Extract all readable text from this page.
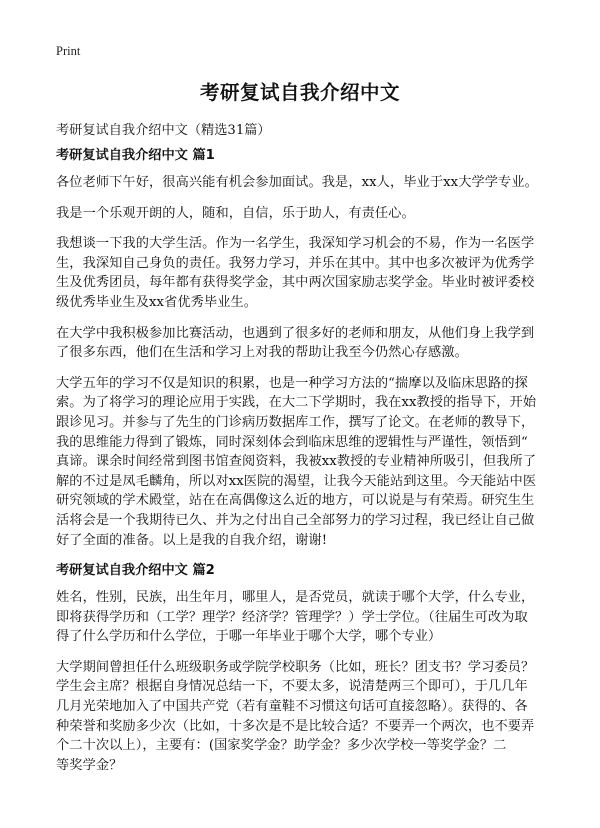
Print
考研复试自我介绍中文
考研复试自我介绍中文（精选31篇）
考研复试自我介绍中文 篇1
各位老师下午好，很高兴能有机会参加面试。我是，xx人，毕业于xx大学学专业。
我是一个乐观开朗的人，随和，自信，乐于助人，有责任心。
我想谈一下我的大学生活。作为一名学生，我深知学习机会的不易，作为一名医学
生，我深知自己身负的责任。我努力学习，并乐在其中。其中也多次被评为优秀学
生及优秀团员，每年都有获得奖学金，其中两次国家励志奖学金。毕业时被评委校
级优秀毕业生及xx省优秀毕业生。
在大学中我积极参加比赛活动，也遇到了很多好的老师和朋友，从他们身上我学到
了很多东西，他们在生活和学习上对我的帮助让我至今仍然心存感激。
大学五年的学习不仅是知识的积累，也是一种学习方法的“揣摩以及临床思路的探
索。为了将学习的理论应用于实践，在大二下学期时，我在xx教授的指导下，开始
跟诊见习。并参与了先生的门诊病历数据库工作，撰写了论文。在老师的教导下，
我的思维能力得到了锻炼，同时深刻体会到临床思维的逻辑性与严谨性，领悟到“
真谛。课余时间经常到图书馆查阅资料，我被xx教授的专业精神所吸引，但我所了
解的不过是凤毛麟角，所以对xx医院的渴望，让我今天能站到这里。今天能站中医
研究领域的学术殿堂，站在在高偶像这么近的地方，可以说是与有荣焉。研究生生
活将会是一个我期待已久、并为之付出自己全部努力的学习过程，我已经让自己做
好了全面的准备。以上是我的自我介绍，谢谢!
考研复试自我介绍中文 篇2
姓名，性别，民族，出生年月，哪里人，是否党员，就读于哪个大学，什么专业，
即将获得学历和（工学？理学？经济学？管理学？）学士学位。（往届生可改为取
得了什么学历和什么学位，于哪一年毕业于哪个大学，哪个专业）
大学期间曾担任什么班级职务或学院学校职务（比如，班长？团支书？学习委员？
学生会主席？根据自身情况总结一下，不要太多，说清楚两三个即可），于几几年
几月光荣地加入了中国共产党（若有童鞋不习惯这句话可直接忽略）。获得的、各
种荣誉和奖励多少次（比如，十多次是不是比较合适？不要弄一个两次，也不要弄
个二十次以上），主要有：(国家奖学金？助学金？多少次学校一等奖学金？二
等奖学金？
